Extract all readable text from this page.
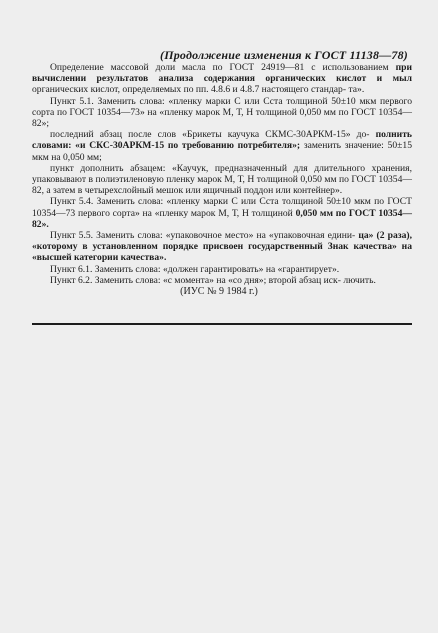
(Продолжение изменения к ГОСТ 11138—78)

Определение массовой доли масла по ГОСТ 24919—81 с использованием при вычислении результатов анализа содержания органических кислот и мыл органических кислот, определяемых по пп. 4.8.6 и 4.8.7 настоящего стандар- та».

Пункт 5.1. Заменить слова: «пленку марки С или Сста толщиной 50±10 мкм первого сорта по ГОСТ 10354—73» на «пленку марок М, Т, Н толщиной 0,050 мм по ГОСТ 10354—82»;

последний абзац после слов «Брикеты каучука СКМС-30АРКМ-15» до- полнить словами: «и СКС-30АРКМ-15 по требованию потребителя»; заменить значение: 50±15 мкм на 0,050 мм;

пункт дополнить абзацем: «Каучук, предназначенный для длительного хранения, упаковывают в полиэтиленовую пленку марок М, Т, Н толщиной 0,050 мм по ГОСТ 10354—82, а затем в четырехслойный мешок или ящичный поддон или контейнер».

Пункт 5.4. Заменить слова: «пленку марки С или Сста толщиной 50±10 мкм по ГОСТ 10354—73 первого сорта» на «пленку марок М, Т, Н толщиной 0,050 мм по ГОСТ 10354—82».

Пункт 5.5. Заменить слова: «упаковочное место» на «упаковочная едини- ца» (2 раза), «которому в установленном порядке присвоен государственный Знак качества» на «высшей категории качества».

Пункт 6.1. Заменить слова: «должен гарантировать» на «гарантирует».

Пункт 6.2. Заменить слова: «с момента» на «со дня»; второй абзац иск- лючить.

(ИУС № 9 1984 г.)
